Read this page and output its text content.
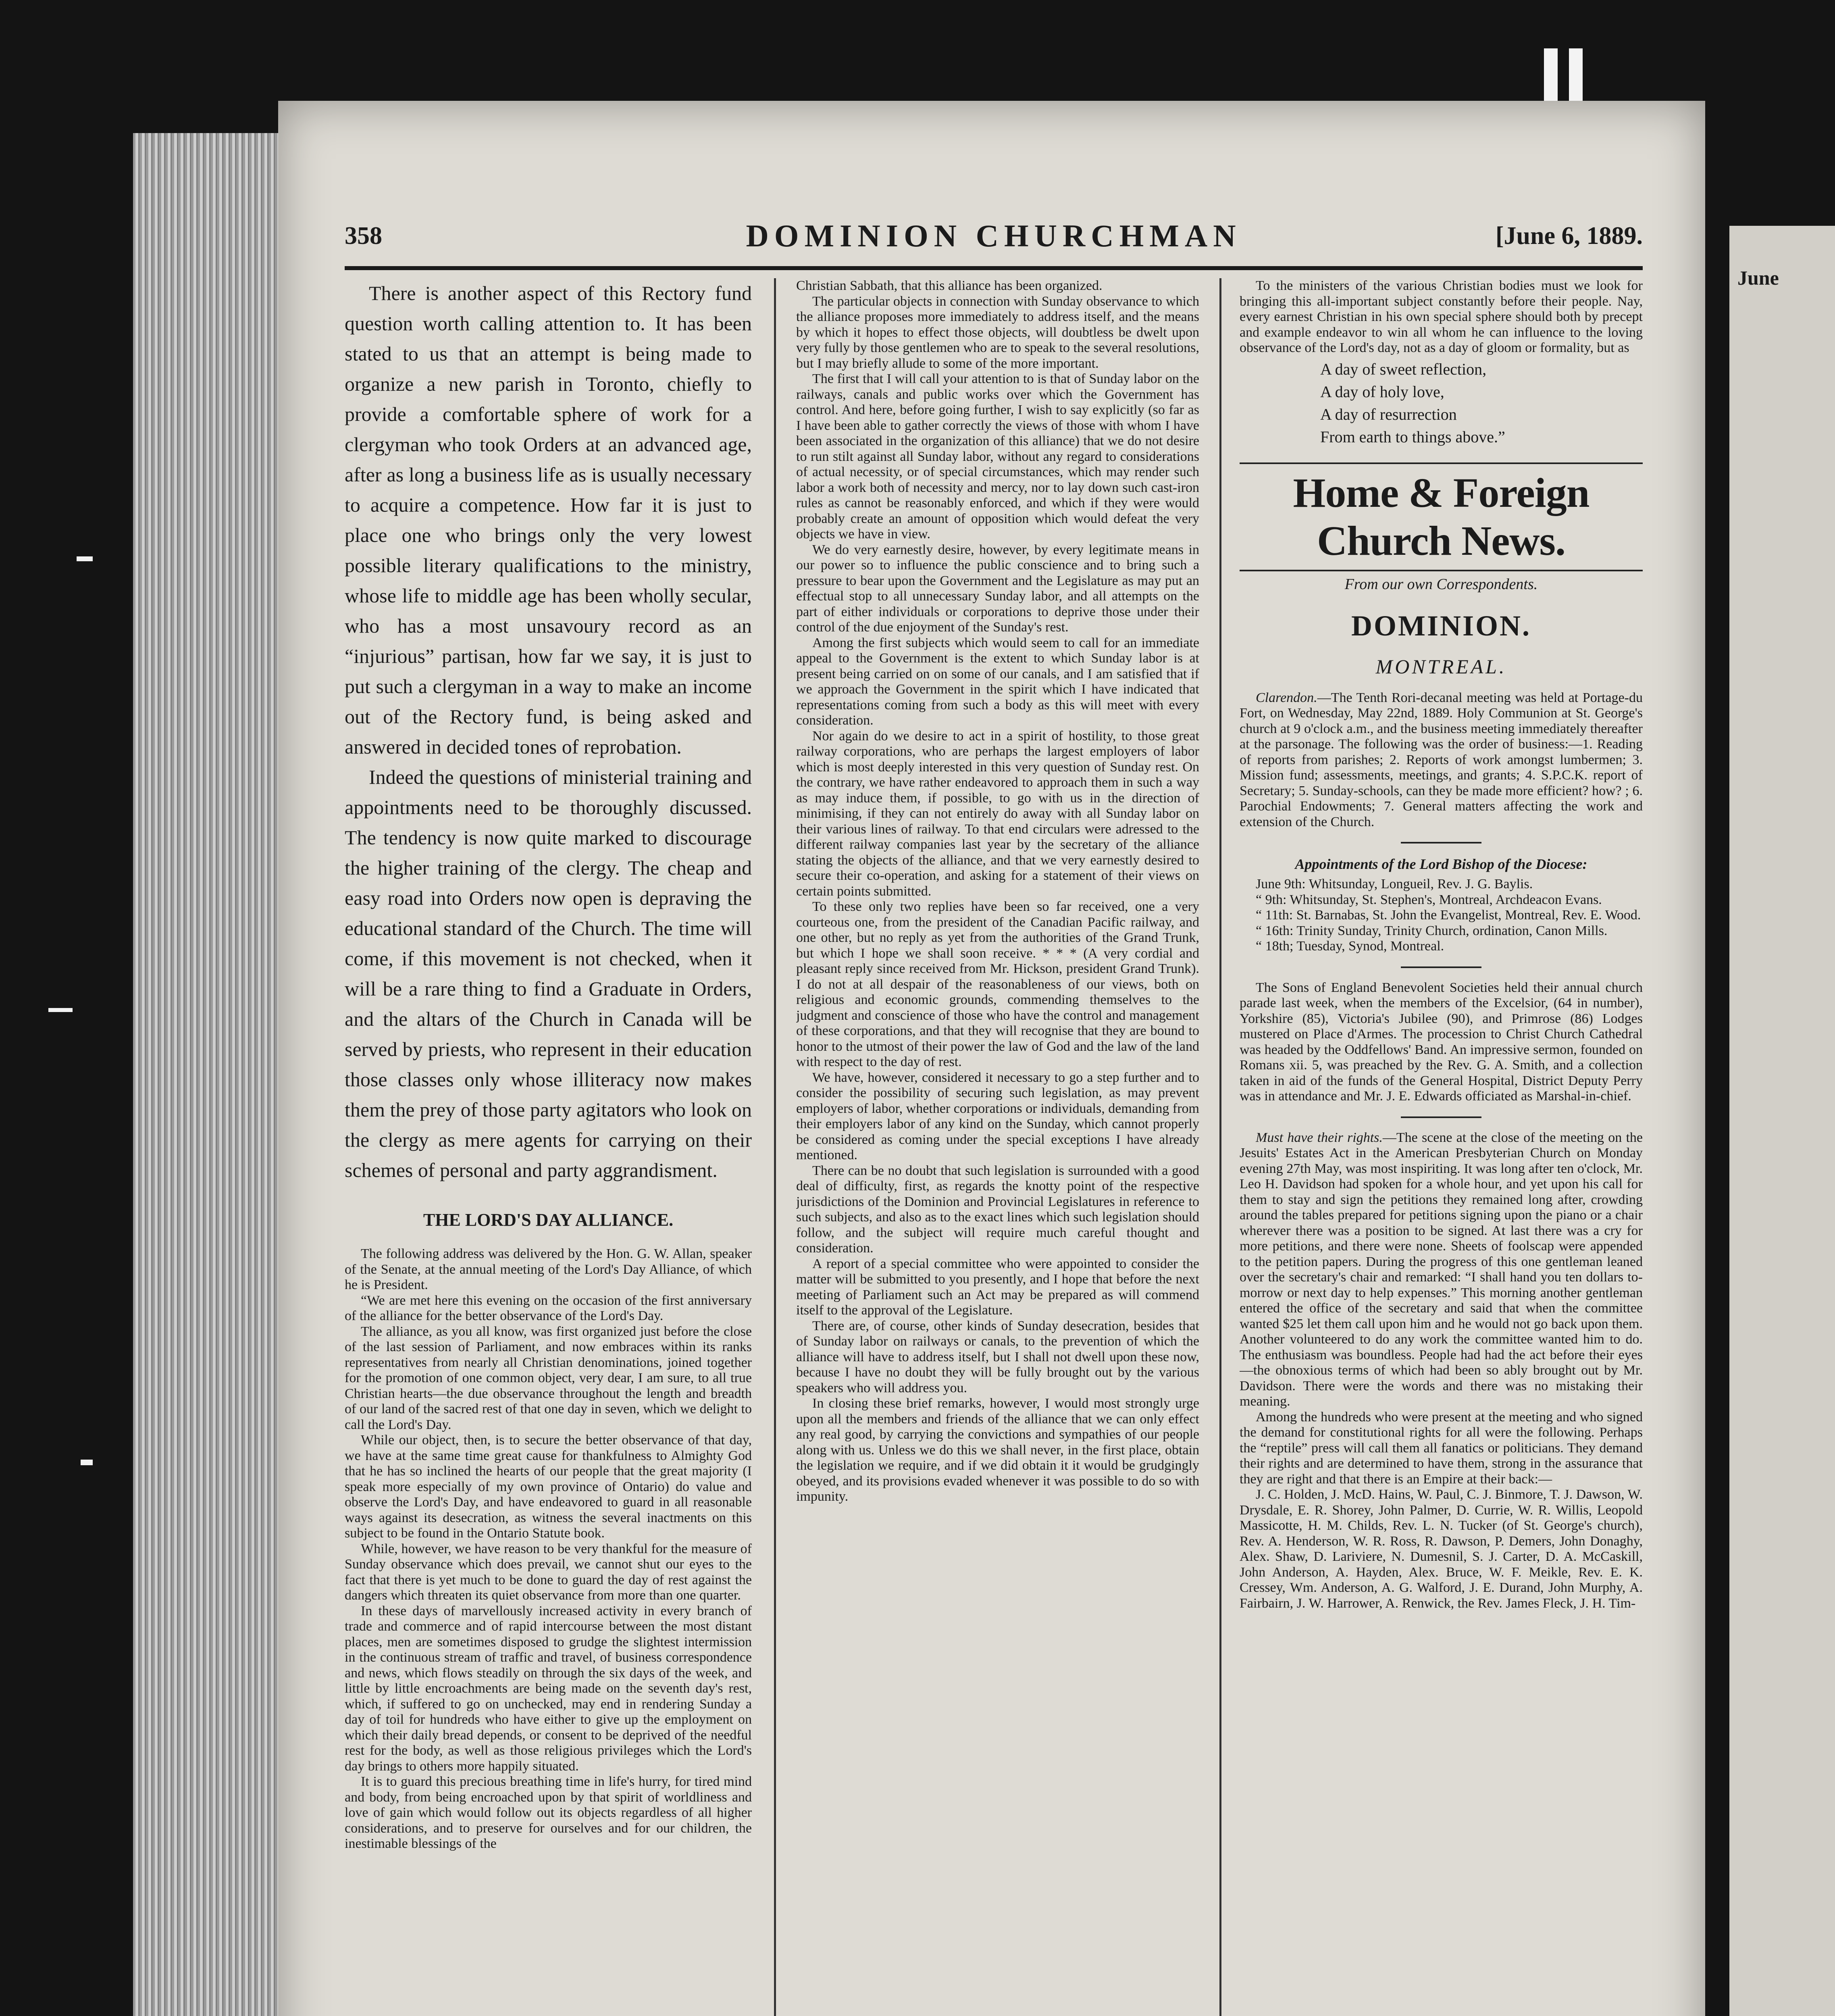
June
358	DOMINION CHURCHMAN	[June 6, 1889.

There is another aspect of this Rectory fund question worth calling attention to. It has been stated to us that an attempt is being made to organize a new parish in Toronto, chiefly to provide a comfortable sphere of work for a clergyman who took Orders at an advanced age, after as long a business life as is usually necessary to acquire a competence. How far it is just to place one who brings only the very lowest possible literary qualifications to the ministry, whose life to middle age has been wholly secular, who has a most unsavoury record as an “injurious” partisan, how far we say, it is just to put such a clergyman in a way to make an income out of the Rectory fund, is being asked and answered in decided tones of reprobation.

Indeed the questions of ministerial training and appointments need to be thoroughly discussed. The tendency is now quite marked to discourage the higher training of the clergy. The cheap and easy road into Orders now open is depraving the educational standard of the Church. The time will come, if this movement is not checked, when it will be a rare thing to find a Graduate in Orders, and the altars of the Church in Canada will be served by priests, who represent in their education those classes only whose illiteracy now makes them the prey of those party agitators who look on the clergy as mere agents for carrying on their schemes of personal and party aggrandisment.

THE LORD'S DAY ALLIANCE.

The following address was delivered by the Hon. G. W. Allan, speaker of the Senate, at the annual meeting of the Lord's Day Alliance, of which he is President.

“We are met here this evening on the occasion of the first anniversary of the alliance for the better observance of the Lord's Day.

The alliance, as you all know, was first organized just before the close of the last session of Parliament, and now embraces within its ranks representatives from nearly all Christian denominations, joined together for the promotion of one common object, very dear, I am sure, to all true Christian hearts—the due observance throughout the length and breadth of our land of the sacred rest of that one day in seven, which we delight to call the Lord's Day.

While our object, then, is to secure the better observance of that day, we have at the same time great cause for thankfulness to Almighty God that he has so inclined the hearts of our people that the great majority (I speak more especially of my own province of Ontario) do value and observe the Lord's Day, and have endeavored to guard in all reasonable ways against its desecration, as witness the several inactments on this subject to be found in the Ontario Statute book.

While, however, we have reason to be very thankful for the measure of Sunday observance which does prevail, we cannot shut our eyes to the fact that there is yet much to be done to guard the day of rest against the dangers which threaten its quiet observance from more than one quarter.

In these days of marvellously increased activity in every branch of trade and commerce and of rapid intercourse between the most distant places, men are sometimes disposed to grudge the slightest intermission in the continuous stream of traffic and travel, of business correspondence and news, which flows steadily on through the six days of the week, and little by little encroachments are being made on the seventh day's rest, which, if suffered to go on unchecked, may end in rendering Sunday a day of toil for hundreds who have either to give up the employment on which their daily bread depends, or consent to be deprived of the needful rest for the body, as well as those religious privileges which the Lord's day brings to others more happily situated.

It is to guard this precious breathing time in life's hurry, for tired mind and body, from being encroached upon by that spirit of worldliness and love of gain which would follow out its objects regardless of all higher considerations, and to preserve for ourselves and for our children, the inestimable blessings of the

Christian Sabbath, that this alliance has been organized.

The particular objects in connection with Sunday observance to which the alliance proposes more immediately to address itself, and the means by which it hopes to effect those objects, will doubtless be dwelt upon very fully by those gentlemen who are to speak to the several resolutions, but I may briefly allude to some of the more important.

The first that I will call your attention to is that of Sunday labor on the railways, canals and public works over which the Government has control. And here, before going further, I wish to say explicitly (so far as I have been able to gather correctly the views of those with whom I have been associated in the organization of this alliance) that we do not desire to run stilt against all Sunday labor, without any regard to considerations of actual necessity, or of special circumstances, which may render such labor a work both of necessity and mercy, nor to lay down such cast-iron rules as cannot be reasonably enforced, and which if they were would probably create an amount of opposition which would defeat the very objects we have in view.

We do very earnestly desire, however, by every legitimate means in our power so to influence the public conscience and to bring such a pressure to bear upon the Government and the Legislature as may put an effectual stop to all unnecessary Sunday labor, and all attempts on the part of either individuals or corporations to deprive those under their control of the due enjoyment of the Sunday's rest.

Among the first subjects which would seem to call for an immediate appeal to the Government is the extent to which Sunday labor is at present being carried on on some of our canals, and I am satisfied that if we approach the Government in the spirit which I have indicated that representations coming from such a body as this will meet with every consideration.

Nor again do we desire to act in a spirit of hostility, to those great railway corporations, who are perhaps the largest employers of labor which is most deeply interested in this very question of Sunday rest. On the contrary, we have rather endeavored to approach them in such a way as may induce them, if possible, to go with us in the direction of minimising, if they can not entirely do away with all Sunday labor on their various lines of railway. To that end circulars were adressed to the different railway companies last year by the secretary of the alliance stating the objects of the alliance, and that we very earnestly desired to secure their co-operation, and asking for a statement of their views on certain points submitted.

To these only two replies have been so far received, one a very courteous one, from the president of the Canadian Pacific railway, and one other, but no reply as yet from the authorities of the Grand Trunk, but which I hope we shall soon receive. * * * (A very cordial and pleasant reply since received from Mr. Hickson, president Grand Trunk). I do not at all despair of the reasonableness of our views, both on religious and economic grounds, commending themselves to the judgment and conscience of those who have the control and management of these corporations, and that they will recognise that they are bound to honor to the utmost of their power the law of God and the law of the land with respect to the day of rest.

We have, however, considered it necessary to go a step further and to consider the possibility of securing such legislation, as may prevent employers of labor, whether corporations or individuals, demanding from their employers labor of any kind on the Sunday, which cannot properly be considered as coming under the special exceptions I have already mentioned.

There can be no doubt that such legislation is surrounded with a good deal of difficulty, first, as regards the knotty point of the respective jurisdictions of the Dominion and Provincial Legislatures in reference to such subjects, and also as to the exact lines which such legislation should follow, and the subject will require much careful thought and consideration.

A report of a special committee who were appointed to consider the matter will be submitted to you presently, and I hope that before the next meeting of Parliament such an Act may be prepared as will commend itself to the approval of the Legislature.

There are, of course, other kinds of Sunday desecration, besides that of Sunday labor on railways or canals, to the prevention of which the alliance will have to address itself, but I shall not dwell upon these now, because I have no doubt they will be fully brought out by the various speakers who will address you.

In closing these brief remarks, however, I would most strongly urge upon all the members and friends of the alliance that we can only effect any real good, by carrying the convictions and sympathies of our people along with us. Unless we do this we shall never, in the first place, obtain the legislation we require, and if we did obtain it it would be grudgingly obeyed, and its provisions evaded whenever it was possible to do so with impunity.

To the ministers of the various Christian bodies must we look for bringing this all-important subject constantly before their people. Nay, every earnest Christian in his own special sphere should both by precept and example endeavor to win all whom he can influence to the loving observance of the Lord's day, not as a day of gloom or formality, but as

A day of sweet reflection,
A day of holy love,
A day of resurrection
From earth to things above.”
Home & Foreign Church News.
From our own Correspondents.
DOMINION.
MONTREAL.

Clarendon.—The Tenth Rori-decanal meeting was held at Portage-du Fort, on Wednesday, May 22nd, 1889. Holy Communion at St. George's church at 9 o'clock a.m., and the business meeting immediately thereafter at the parsonage. The following was the order of business:—1. Reading of reports from parishes; 2. Reports of work amongst lumbermen; 3. Mission fund; assessments, meetings, and grants; 4. S.P.C.K. report of Secretary; 5. Sunday-schools, can they be made more efficient? how? ; 6. Parochial Endowments; 7. General matters affecting the work and extension of the Church.

Appointments of the Lord Bishop of the Diocese:

June 9th: Whitsunday, Longueil, Rev. J. G. Baylis.

“ 9th: Whitsunday, St. Stephen's, Montreal, Archdeacon Evans.

“ 11th: St. Barnabas, St. John the Evangelist, Montreal, Rev. E. Wood.

“ 16th: Trinity Sunday, Trinity Church, ordination, Canon Mills.

“ 18th; Tuesday, Synod, Montreal.

The Sons of England Benevolent Societies held their annual church parade last week, when the members of the Excelsior, (64 in number), Yorkshire (85), Victoria's Jubilee (90), and Primrose (86) Lodges mustered on Place d'Armes. The procession to Christ Church Cathedral was headed by the Oddfellows' Band. An impressive sermon, founded on Romans xii. 5, was preached by the Rev. G. A. Smith, and a collection taken in aid of the funds of the General Hospital, District Deputy Perry was in attendance and Mr. J. E. Edwards officiated as Marshal-in-chief.

Must have their rights.—The scene at the close of the meeting on the Jesuits' Estates Act in the American Presbyterian Church on Monday evening 27th May, was most inspiriting. It was long after ten o'clock, Mr. Leo H. Davidson had spoken for a whole hour, and yet upon his call for them to stay and sign the petitions they remained long after, crowding around the tables prepared for petitions signing upon the piano or a chair wherever there was a position to be signed. At last there was a cry for more petitions, and there were none. Sheets of foolscap were appended to the petition papers. During the progress of this one gentleman leaned over the secretary's chair and remarked: “I shall hand you ten dollars to-morrow or next day to help expenses.” This morning another gentleman entered the office of the secretary and said that when the committee wanted $25 let them call upon him and he would not go back upon them. Another volunteered to do any work the committee wanted him to do. The enthusiasm was boundless. People had had the act before their eyes—the obnoxious terms of which had been so ably brought out by Mr. Davidson. There were the words and there was no mistaking their meaning.

Among the hundreds who were present at the meeting and who signed the demand for constitutional rights for all were the following. Perhaps the “reptile” press will call them all fanatics or politicians. They demand their rights and are determined to have them, strong in the assurance that they are right and that there is an Empire at their back:—

J. C. Holden, J. McD. Hains, W. Paul, C. J. Binmore, T. J. Dawson, W. Drysdale, E. R. Shorey, John Palmer, D. Currie, W. R. Willis, Leopold Massicotte, H. M. Childs, Rev. L. N. Tucker (of St. George's church), Rev. A. Henderson, W. R. Ross, R. Dawson, P. Demers, John Donaghy, Alex. Shaw, D. Lariviere, N. Dumesnil, S. J. Carter, D. A. McCaskill, John Anderson, A. Hayden, Alex. Bruce, W. F. Meikle, Rev. E. K. Cressey, Wm. Anderson, A. G. Walford, J. E. Durand, John Murphy, A. Fairbairn, J. W. Harrower, A. Renwick, the Rev. James Fleck, J. H. Tim-
